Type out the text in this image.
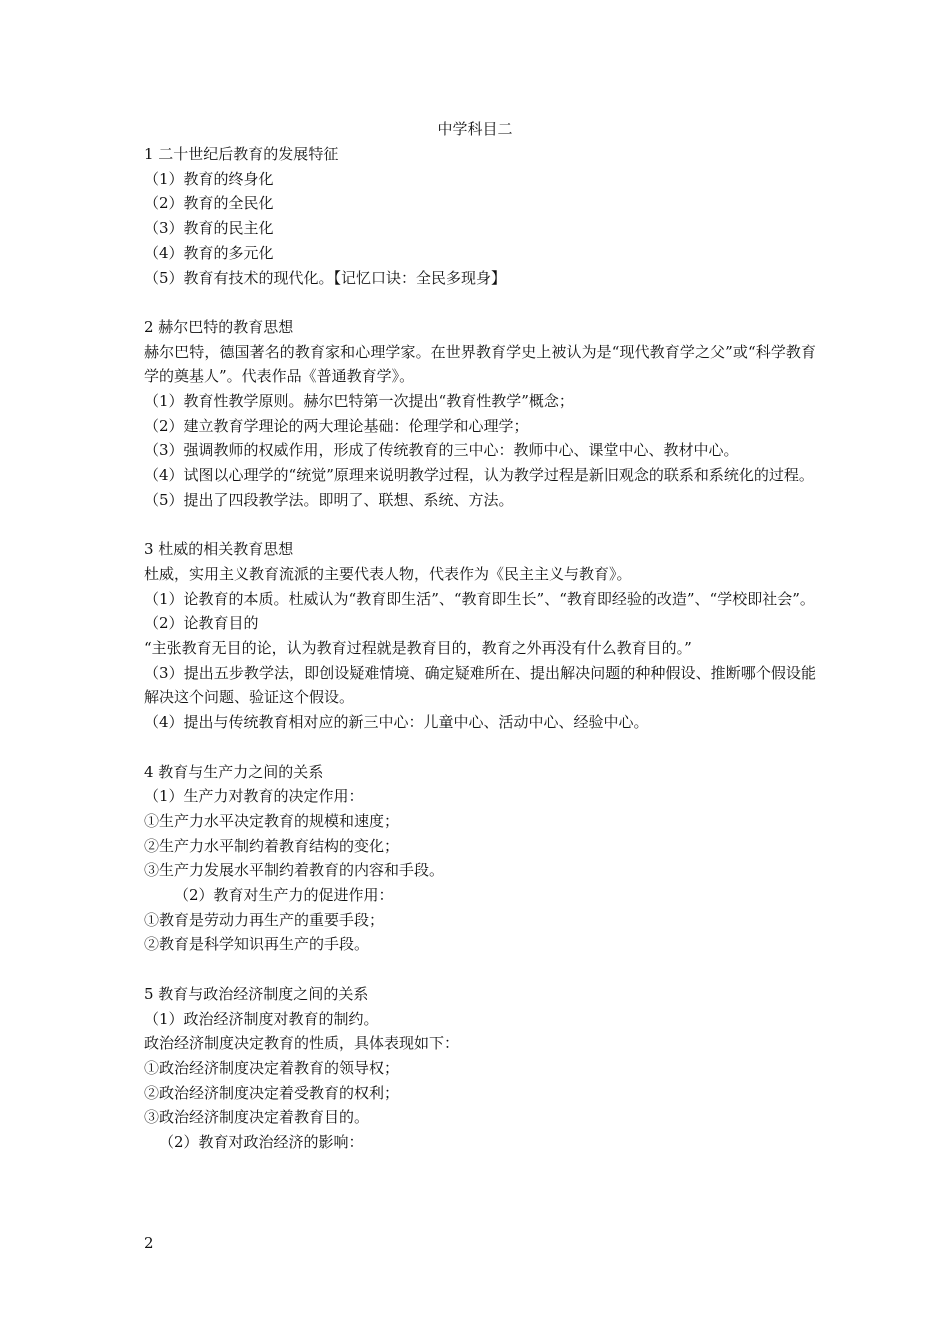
中学科目二
1 二十世纪后教育的发展特征
（1）教育的终身化
（2）教育的全民化
（3）教育的民主化
（4）教育的多元化
（5）教育有技术的现代化。【记忆口诀：全民多现身】
2 赫尔巴特的教育思想
赫尔巴特，德国著名的教育家和心理学家。在世界教育学史上被认为是“现代教育学之父”或“科学教育学的奠基人”。代表作品《普通教育学》。
（1）教育性教学原则。赫尔巴特第一次提出“教育性教学”概念；
（2）建立教育学理论的两大理论基础：伦理学和心理学；
（3）强调教师的权威作用，形成了传统教育的三中心：教师中心、课堂中心、教材中心。
（4）试图以心理学的“统觉”原理来说明教学过程，认为教学过程是新旧观念的联系和系统化的过程。
（5）提出了四段教学法。即明了、联想、系统、方法。
3 杜威的相关教育思想
杜威，实用主义教育流派的主要代表人物，代表作为《民主主义与教育》。
（1）论教育的本质。杜威认为“教育即生活”、“教育即生长”、“教育即经验的改造”、“学校即社会”。
（2）论教育目的
“主张教育无目的论，认为教育过程就是教育目的，教育之外再没有什么教育目的。”
（3）提出五步教学法，即创设疑难情境、确定疑难所在、提出解决问题的种种假设、推断哪个假设能解决这个问题、验证这个假设。
（4）提出与传统教育相对应的新三中心：儿童中心、活动中心、经验中心。
4 教育与生产力之间的关系
（1）生产力对教育的决定作用：
①生产力水平决定教育的规模和速度；
②生产力水平制约着教育结构的变化；
③生产力发展水平制约着教育的内容和手段。
（2）教育对生产力的促进作用：
①教育是劳动力再生产的重要手段；
②教育是科学知识再生产的手段。
5 教育与政治经济制度之间的关系
（1）政治经济制度对教育的制约。
政治经济制度决定教育的性质，具体表现如下：
①政治经济制度决定着教育的领导权；
②政治经济制度决定着受教育的权利；
③政治经济制度决定着教育目的。
（2）教育对政治经济的影响：
2
